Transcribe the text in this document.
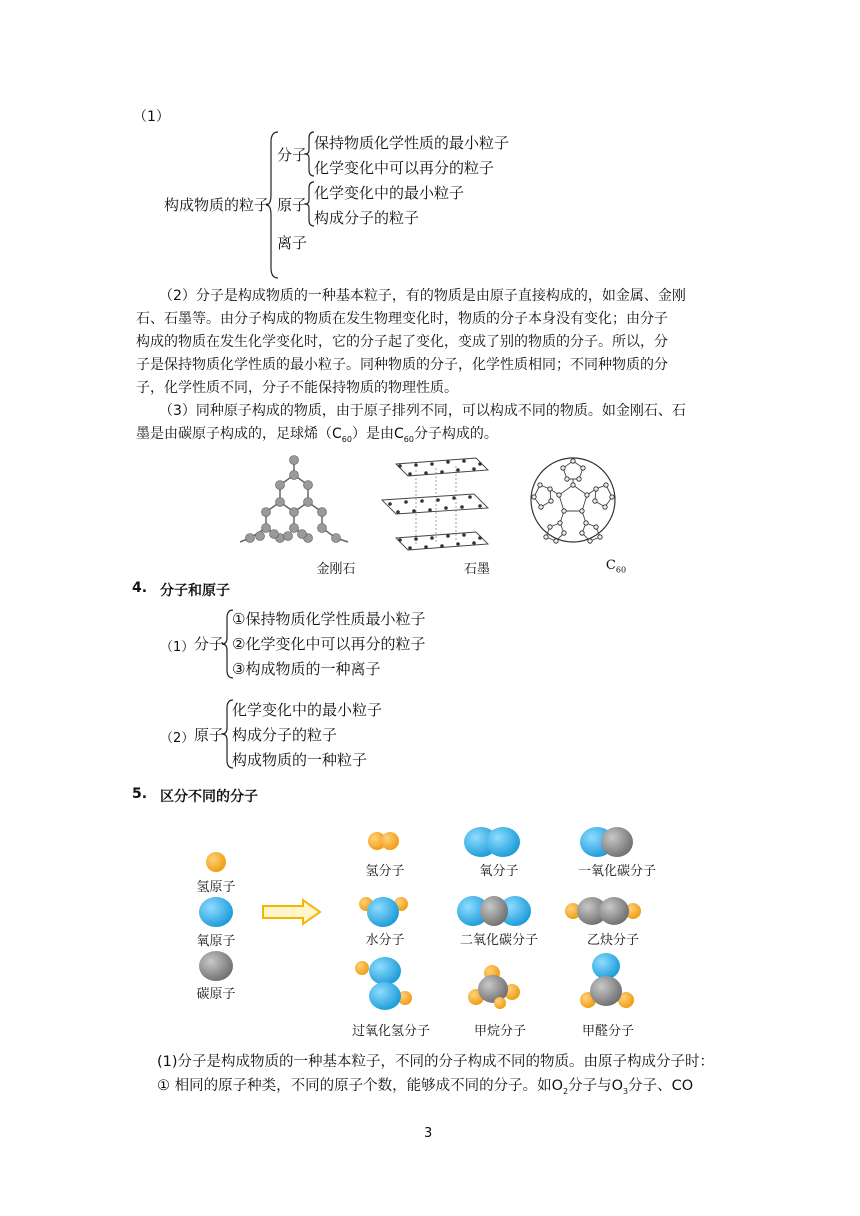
（1）
构成物质的粒子
分子
保持物质化学性质的最小粒子
化学变化中可以再分的粒子
原子
化学变化中的最小粒子
构成分子的粒子
离子
（2）分子是构成物质的一种基本粒子，有的物质是由原子直接构成的，如金属、金刚
石、石墨等。由分子构成的物质在发生物理变化时，物质的分子本身没有变化；由分子
构成的物质在发生化学变化时，它的分子起了变化，变成了别的物质的分子。所以，分
子是保持物质化学性质的最小粒子。同种物质的分子，化学性质相同；不同种物质的分
子，化学性质不同，分子不能保持物质的物理性质。
（3）同种原子构成的物质，由于原子排列不同，可以构成不同的物质。如金刚石、石
墨是由碳原子构成的，足球烯$(C_{60})$是由$C_{60}$分子构成的。
金刚石	石墨	$C_{60}$
4. 分子和原子
（1） 分子
①保持物质化学性质最小粒子
②化学变化中可以再分的粒子
③构成物质的一种离子
（2） 原子
化学变化中的最小粒子
构成分子的粒子
构成物质的一种粒子
5. 区分不同的分子
氢原子
氧原子
碳原子
氢分子	氧分子	一氧化碳分子
水分子	二氧化碳分子	乙炔分子
过氧化氢分子	甲烷分子	甲醛分子
(1)分子是构成物质的一种基本粒子，不同的分子构成不同的物质。由原子构成分子时：
① 相同的原子种类，不同的原子个数，能够成不同的分子。如$O_2$分子与$O_3$分子、CO
3
